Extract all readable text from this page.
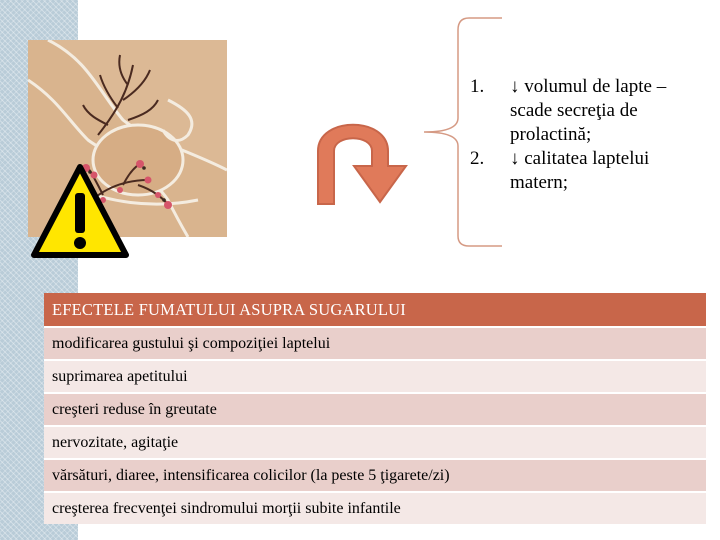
1. ↓ volumul de lapte – scade secreţia de prolactină;
2. ↓ calitatea laptelui matern;
EFECTELE FUMATULUI ASUPRA SUGARULUI
modificarea gustului şi compoziţiei laptelui
suprimarea apetitului
creşteri reduse în greutate
nervozitate, agitaţie
vărsături, diaree, intensificarea colicilor (la peste 5 ţigarete/zi)
creşterea frecvenţei sindromului morţii subite infantile
